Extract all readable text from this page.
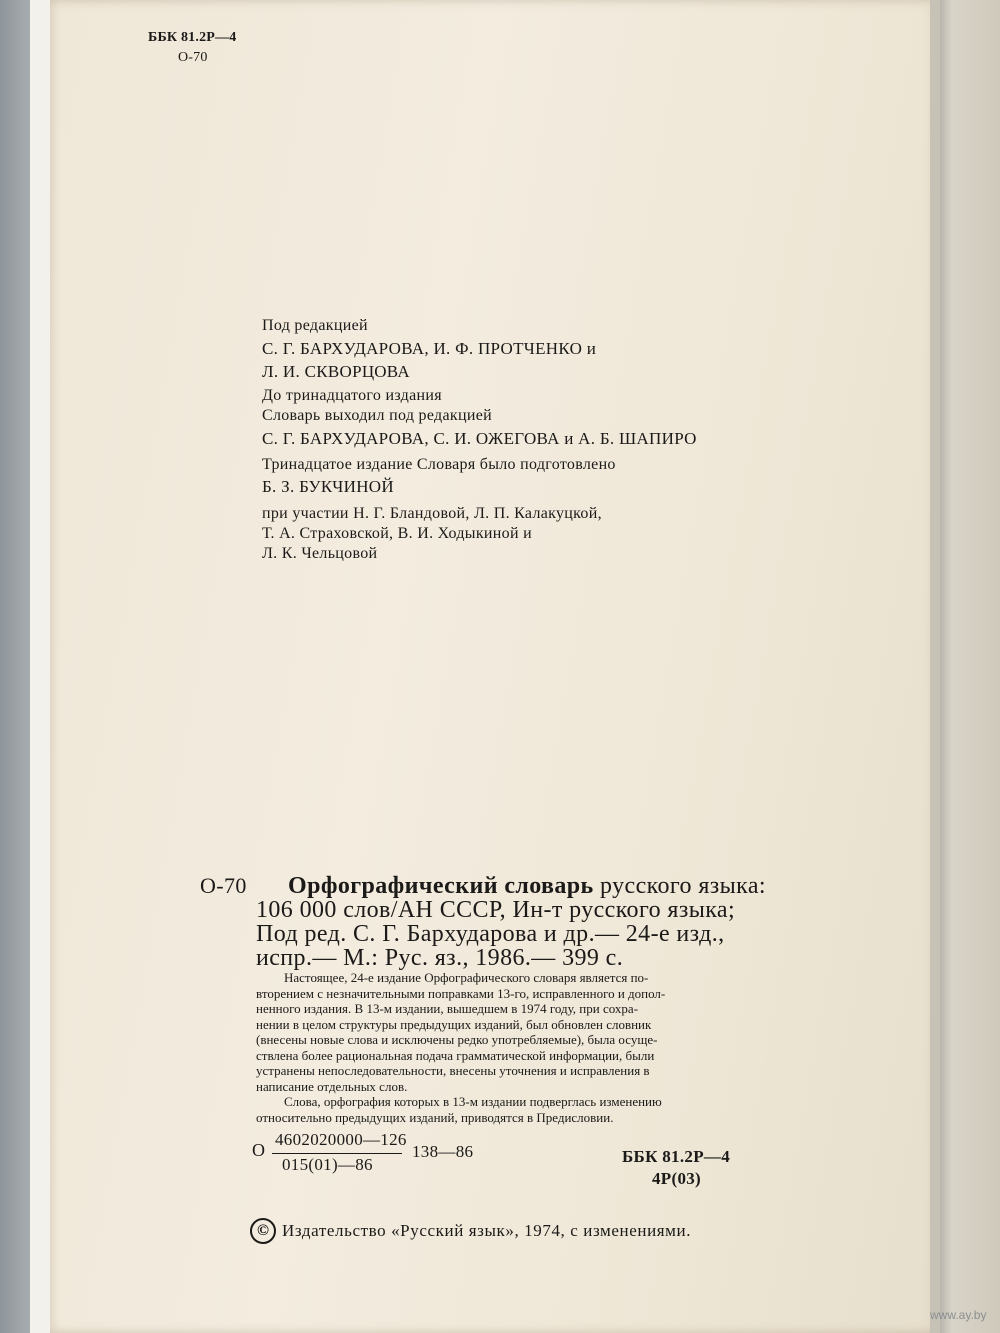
ББК 81.2Р—4
О-70
Под редакцией
С. Г. БАРХУДАРОВА, И. Ф. ПРОТЧЕНКО и
Л. И. СКВОРЦОВА
До тринадцатого издания
Словарь выходил под редакцией
С. Г. БАРХУДАРОВА, С. И. ОЖЕГОВА и А. Б. ШАПИРО
Тринадцатое издание Словаря было подготовлено
Б. З. БУКЧИНОЙ
при участии Н. Г. Бландовой, Л. П. Калакуцкой,
Т. А. Страховской, В. И. Ходыкиной и
Л. К. Чельцовой
О-70 Орфографический словарь русского языка:
106 000 слов/АН СССР, Ин-т русского языка;
Под ред. С. Г. Бархударова и др.— 24-е изд.,
испр.— М.: Рус. яз., 1986.— 399 с.
Настоящее, 24-е издание Орфографического словаря является по-
вторением с незначительными поправками 13-го, исправленного и допол-
ненного издания. В 13-м издании, вышедшем в 1974 году, при сохра-
нении в целом структуры предыдущих изданий, был обновлен словник
(внесены новые слова и исключены редко употребляемые), была осуще-
ствлена более рациональная подача грамматической информации, были
устранены непоследовательности, внесены уточнения и исправления в
написание отдельных слов.
Слова, орфография которых в 13-м издании подверглась изменению
относительно предыдущих изданий, приводятся в Предисловии.
О
4602020000—126
015(01)—86
138—86	ББК 81.2Р—4
4Р(03)
© Издательство «Русский язык», 1974, с изменениями.
www.ay.by
